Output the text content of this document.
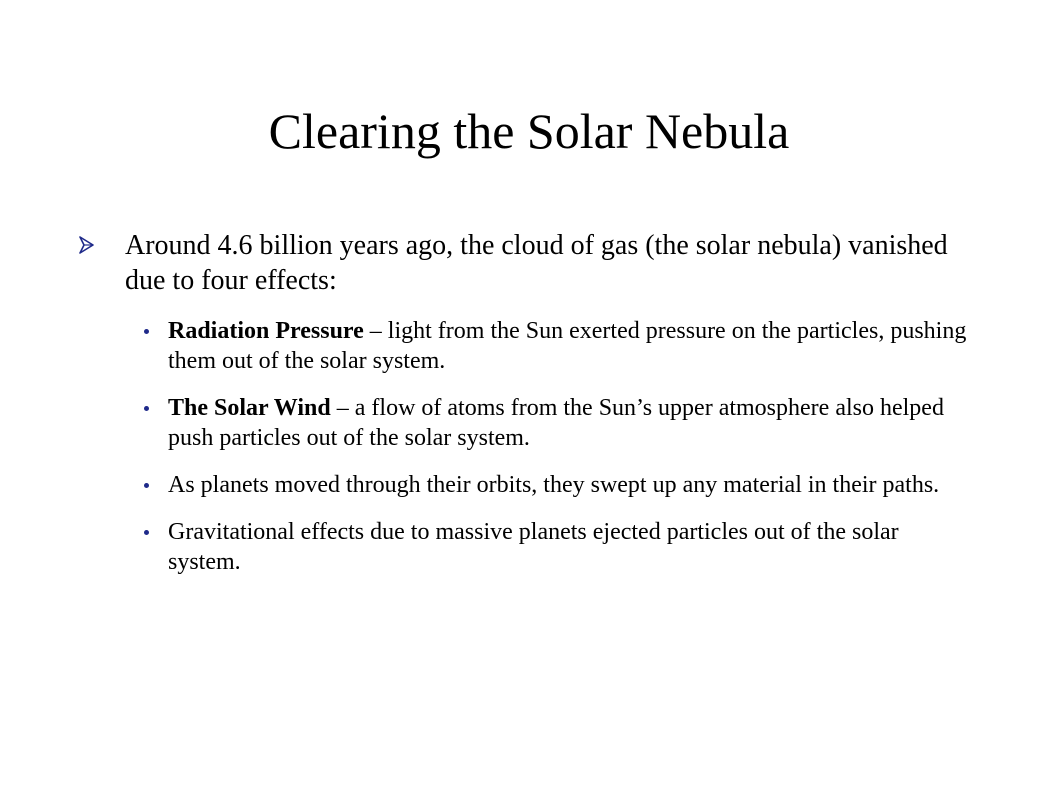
Clearing the Solar Nebula
Around 4.6 billion years ago, the cloud of gas (the solar nebula) vanished due to four effects:
Radiation Pressure – light from the Sun exerted pressure on the particles, pushing them out of the solar system.
The Solar Wind – a flow of atoms from the Sun’s upper atmosphere also helped push particles out of the solar system.
As planets moved through their orbits, they swept up any material in their paths.
Gravitational effects due to massive planets ejected particles out of the solar system.
